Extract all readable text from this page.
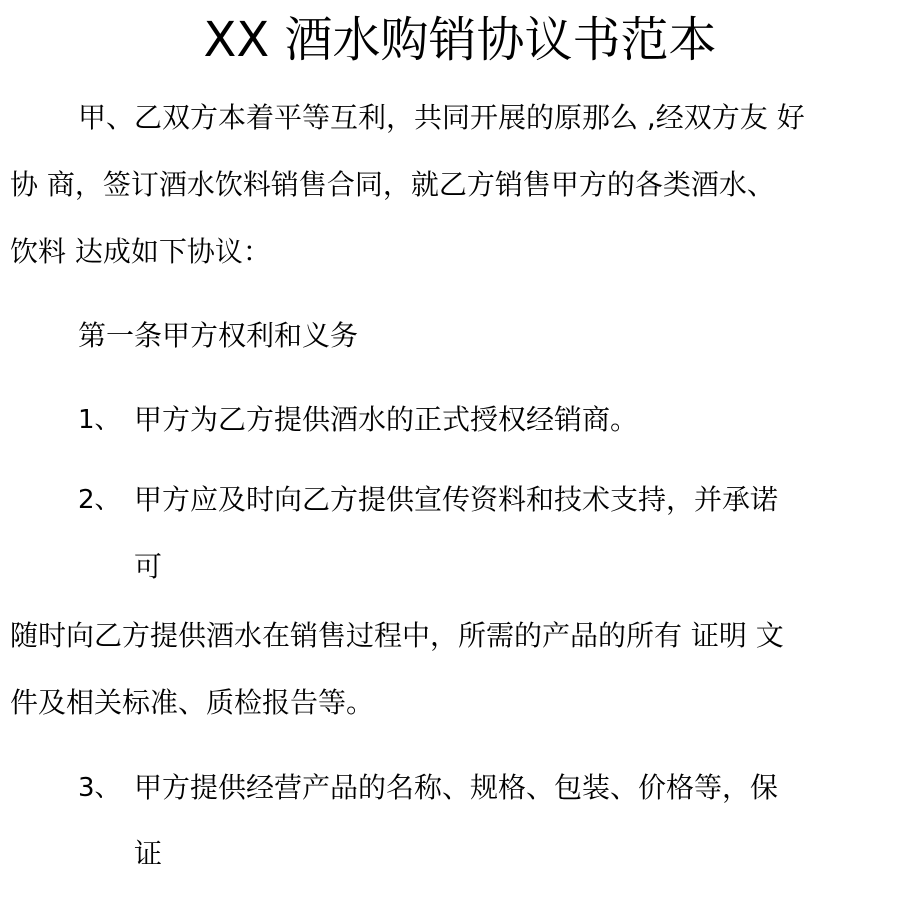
XX 酒水购销协议书范本
甲、乙双方本着平等互利，共同开展的原那么 ,经双方友 好
协 商，签订酒水饮料销售合同，就乙方销售甲方的各类酒水、
饮料 达成如下协议：
第一条甲方权利和义务
1、 甲方为乙方提供酒水的正式授权经销商。
2、 甲方应及时向乙方提供宣传资料和技术支持，并承诺
可
随时向乙方提供酒水在销售过程中，所需的产品的所有 证明 文
件及相关标准、质检报告等。
3、 甲方提供经营产品的名称、规格、包装、价格等，保
证
